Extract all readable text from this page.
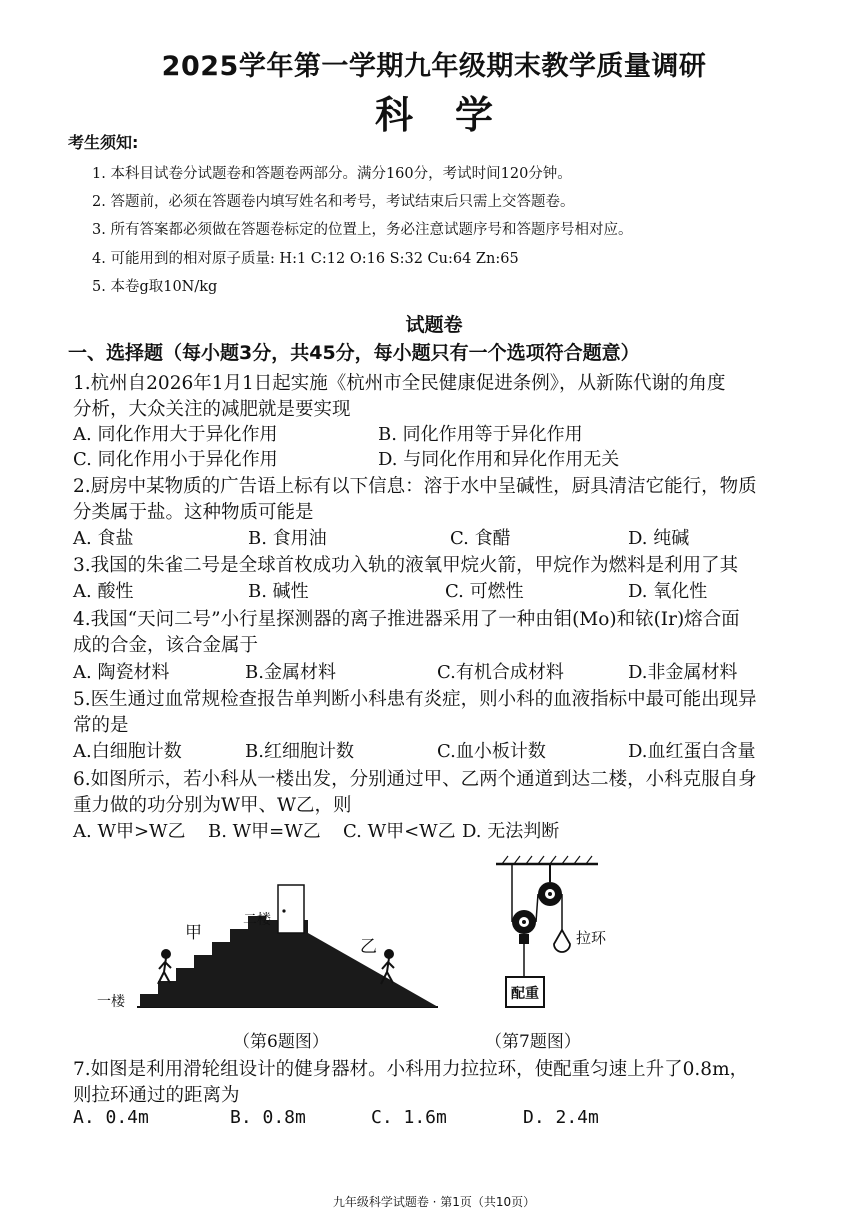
2025学年第一学期九年级期末教学质量调研
科学
考生须知:
1. 本科目试卷分试题卷和答题卷两部分。满分160分，考试时间120分钟。
2. 答题前，必须在答题卷内填写姓名和考号，考试结束后只需上交答题卷。
3. 所有答案都必须做在答题卷标定的位置上，务必注意试题序号和答题序号相对应。
4. 可能用到的相对原子质量: H:1 C:12 O:16 S:32 Cu:64 Zn:65
5. 本卷g取10N/kg
试题卷
一、选择题（每小题3分，共45分，每小题只有一个选项符合题意）
1.杭州自2026年1月1日起实施《杭州市全民健康促进条例》，从新陈代谢的角度
分析，大众关注的减肥就是要实现
A. 同化作用大于异化作用	B. 同化作用等于异化作用
C. 同化作用小于异化作用	D. 与同化作用和异化作用无关
2.厨房中某物质的广告语上标有以下信息：溶于水中呈碱性，厨具清洁它能行，物质
分类属于盐。这种物质可能是
A. 食盐	B. 食用油	C. 食醋	D. 纯碱
3.我国的朱雀二号是全球首枚成功入轨的液氧甲烷火箭，甲烷作为燃料是利用了其
A. 酸性	B. 碱性	C. 可燃性	D. 氧化性
4.我国“天问二号”小行星探测器的离子推进器采用了一种由钼(Mo)和铱(Ir)熔合面
成的合金，该合金属于
A. 陶瓷材料	B.金属材料	C.有机合成材料	D.非金属材料
5.医生通过血常规检查报告单判断小科患有炎症，则小科的血液指标中最可能出现异
常的是
A.白细胞计数	B.红细胞计数	C.血小板计数	D.血红蛋白含量
6.如图所示，若小科从一楼出发，分别通过甲、乙两个通道到达二楼，小科克服自身
重力做的功分别为W甲、W乙，则
A. W甲>W乙 B. W甲=W乙 C. W甲<W乙 D. 无法判断
二楼
甲
乙
一楼
拉环
配重
（第6题图）	（第7题图）
7.如图是利用滑轮组设计的健身器材。小科用力拉拉环，使配重匀速上升了0.8m，
则拉环通过的距离为
A. 0.4m	B. 0.8m	C. 1.6m	D. 2.4m
九年级科学试题卷 · 第1页（共10页）
